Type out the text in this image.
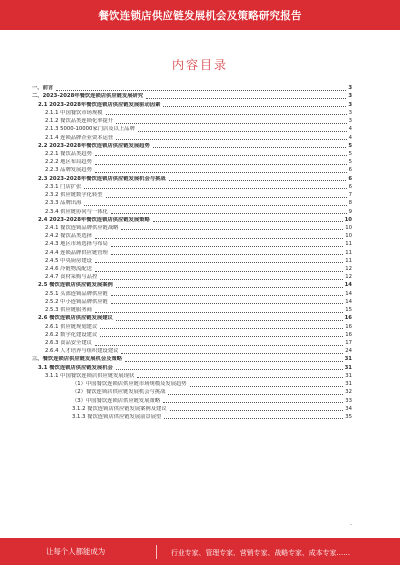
餐饮连锁店供应链发展机会及策略研究报告
内容目录
一、前言	3
二、2023-2028年餐饮连锁店供应链发展研究	3
2.1 2023-2028年餐饮连锁店供应链发展驱动因素	3
2.1.1 中国餐饮市场规模	3
2.1.2 餐饮品类连锁化率提升	3
2.1.3 5000-10000家门店及以上品牌	4
2.1.4 连锁品牌企业资本运营	4
2.2 2023-2028年餐饮连锁店供应链发展趋势	5
2.2.1 餐饮品类趋势	5
2.2.2 地区布局趋势	5
2.2.3 品牌发展趋势	6
2.3 2023-2028年餐饮连锁店供应链发展机会与挑战	6
2.3.1 门店扩张	6
2.3.2 供应链数字化转型	7
2.3.3 品牌出海	8
2.3.4 供应链协同与一体化	9
2.4 2023-2028年餐饮连锁店供应链发展策略	10
2.4.1 餐饮连锁品牌供应链战略	10
2.4.2 餐饮品类选择	10
2.4.3 地区市场选择与布局	11
2.4.4 连锁品牌供应链管理	11
2.4.5 中央厨房建设	11
2.4.6 冷链物流配送	12
2.4.7 食材采购与品控	12
2.5 餐饮连锁店供应链发展案例	14
2.5.1 头部连锁品牌供应链	14
2.5.2 中小连锁品牌供应链	14
2.5.3 供应链服务商	15
2.6 餐饮连锁店供应链发展建议	16
2.6.1 供应链规划建议	16
2.6.2 数字化建设建议	16
2.6.3 食品安全建议	17
2.6.4 人才培养与组织建设建议	24
三、餐饮连锁店供应链发展机会及策略	31
3.1 餐饮连锁店供应链发展机会	31
3.1.1 中国餐饮连锁店供应链发展现状	31
（1）中国餐饮连锁店供应链市场规模及发展趋势	31
（2）餐饮连锁店供应链发展机会与挑战	32
（3）中国餐饮连锁店供应链发展策略	33
3.1.2 餐饮连锁店供应链发展案例及建议	34
3.1.3 餐饮连锁店供应链发展前景展望	35
-
让每个人都能成为	行业专家、管理专家、营销专家、战略专家、成本专家……
